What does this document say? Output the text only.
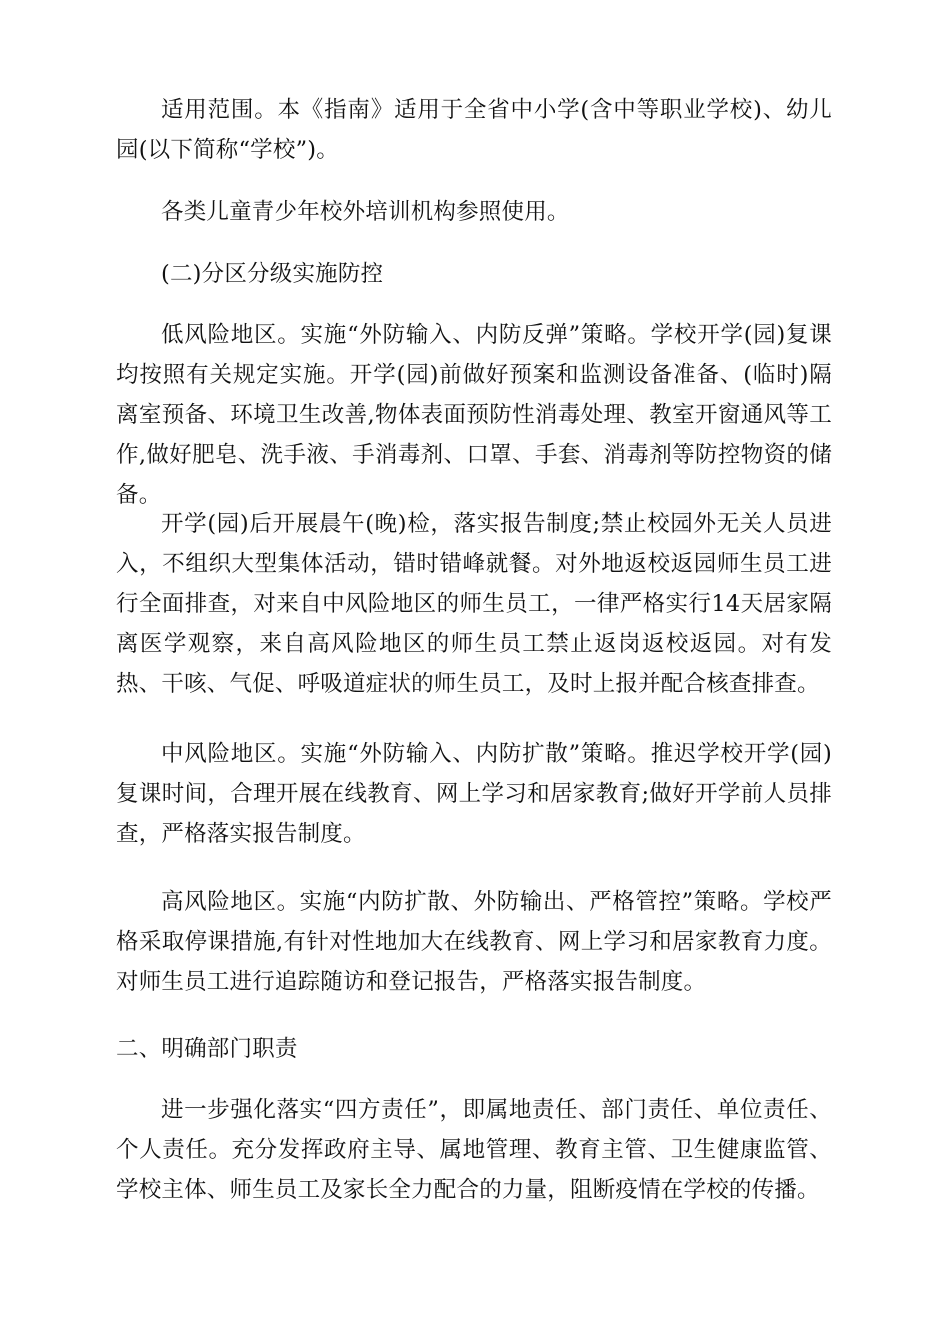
适用范围。本《指南》适用于全省中小学(含中等职业学校)、幼儿园(以下简称“学校”)。

各类儿童青少年校外培训机构参照使用。

(二)分区分级实施防控

低风险地区。实施“外防输入、内防反弹”策略。学校开学(园)复课均按照有关规定实施。开学(园)前做好预案和监测设备准备、(临时)隔离室预备、环境卫生改善,物体表面预防性消毒处理、教室开窗通风等工作,做好肥皂、洗手液、手消毒剂、口罩、手套、消毒剂等防控物资的储备。

开学(园)后开展晨午(晚)检，落实报告制度;禁止校园外无关人员进入，不组织大型集体活动，错时错峰就餐。对外地返校返园师生员工进行全面排查，对来自中风险地区的师生员工，一律严格实行14天居家隔离医学观察，来自高风险地区的师生员工禁止返岗返校返园。对有发热、干咳、气促、呼吸道症状的师生员工，及时上报并配合核查排查。

中风险地区。实施“外防输入、内防扩散”策略。推迟学校开学(园)复课时间，合理开展在线教育、网上学习和居家教育;做好开学前人员排查，严格落实报告制度。

高风险地区。实施“内防扩散、外防输出、严格管控”策略。学校严格采取停课措施,有针对性地加大在线教育、网上学习和居家教育力度。对师生员工进行追踪随访和登记报告，严格落实报告制度。

二、明确部门职责

进一步强化落实“四方责任”，即属地责任、部门责任、单位责任、个人责任。充分发挥政府主导、属地管理、教育主管、卫生健康监管、学校主体、师生员工及家长全力配合的力量，阻断疫情在学校的传播。
